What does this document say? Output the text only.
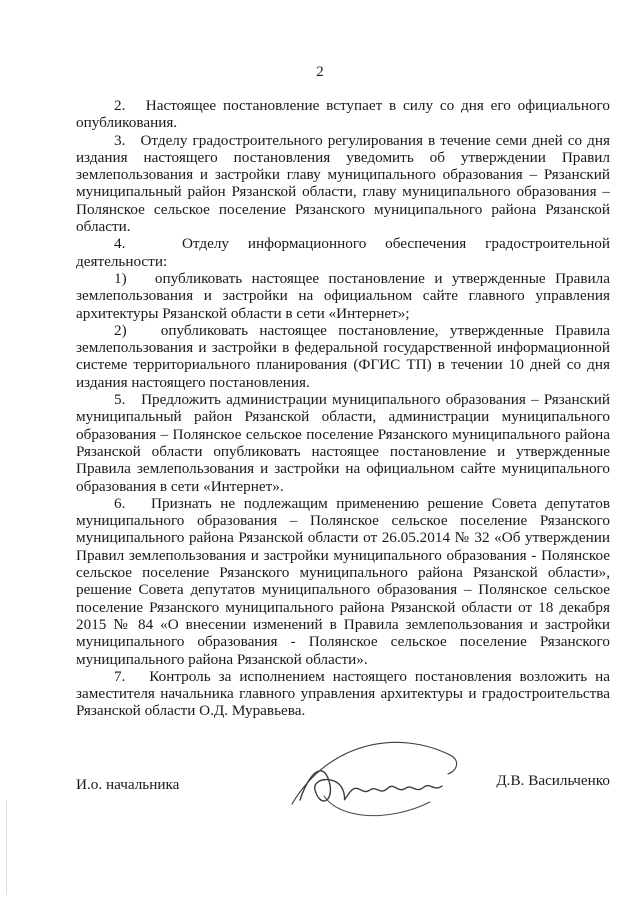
2

2. Настоящее постановление вступает в силу со дня его официального опубликования.

3. Отделу градостроительного регулирования в течение семи дней со дня издания настоящего постановления уведомить об утверждении Правил землепользования и застройки главу муниципального образования – Рязанский муниципальный район Рязанской области, главу муниципального образования – Полянское сельское поселение Рязанского муниципального района Рязанской области.

4.	Отделу информационного обеспечения градостроительной деятельности:

1) опубликовать настоящее постановление и утвержденные Правила землепользования и застройки на официальном сайте главного управления архитектуры Рязанской области в сети «Интернет»;

2) опубликовать настоящее постановление, утвержденные Правила землепользования и застройки в федеральной государственной информационной системе территориального планирования (ФГИС ТП) в течении 10 дней со дня издания настоящего постановления.

5. Предложить администрации муниципального образования – Рязанский муниципальный район Рязанской области, администрации муниципального образования – Полянское сельское поселение Рязанского муниципального района Рязанской области опубликовать настоящее постановление и утвержденные Правила землепользования и застройки на официальном сайте муниципального образования в сети «Интернет».

6. Признать не подлежащим применению решение Совета депутатов муниципального образования – Полянское сельское поселение Рязанского муниципального района Рязанской области от 26.05.2014 № 32 «Об утверждении Правил землепользования и застройки муниципального образования - Полянское сельское поселение Рязанского муниципального района Рязанской области», решение Совета депутатов муниципального образования – Полянское сельское поселение Рязанского муниципального района Рязанской области от 18 декабря 2015 № 84 «О внесении изменений в Правила землепользования и застройки муниципального образования - Полянское сельское поселение Рязанского муниципального района Рязанской области».

7. Контроль за исполнением настоящего постановления возложить на заместителя начальника главного управления архитектуры и градостроительства Рязанской области О.Д. Муравьева.

И.о. начальника	Д.В. Васильченко
